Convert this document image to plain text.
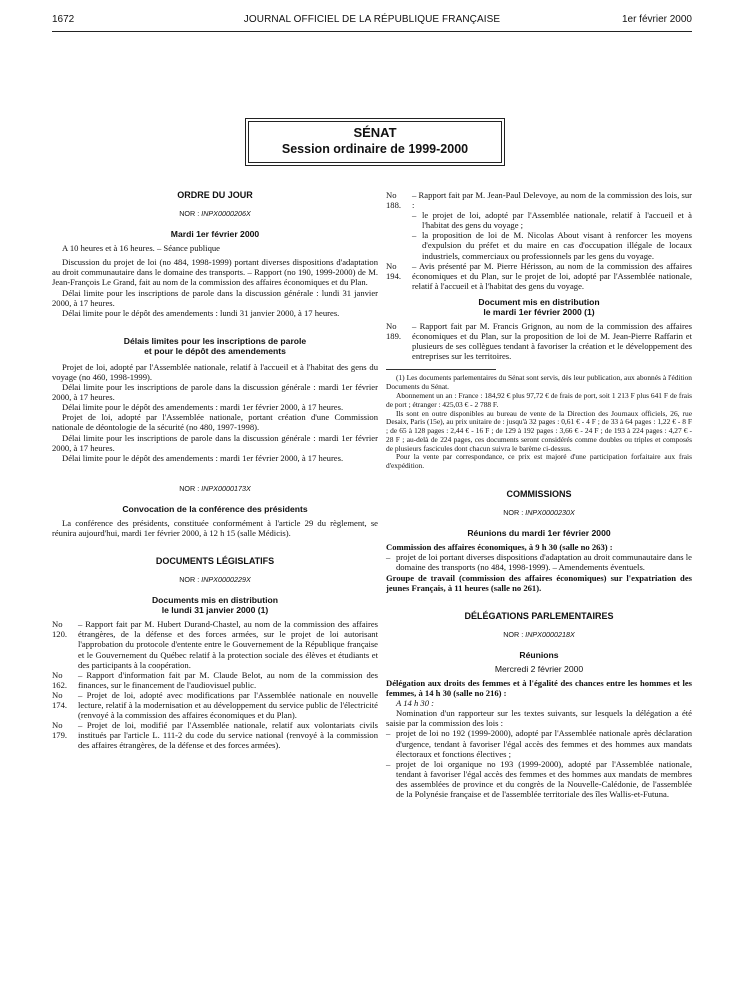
1672	JOURNAL OFFICIEL DE LA RÉPUBLIQUE FRANÇAISE	1er février 2000
SÉNAT
Session ordinaire de 1999-2000
ORDRE DU JOUR
NOR : INPX0000206X
Mardi 1er février 2000

A 10 heures et à 16 heures. – Séance publique

Discussion du projet de loi (no 484, 1998-1999) portant diverses dispositions d'adaptation au droit communautaire dans le domaine des transports. – Rapport (no 190, 1999-2000) de M. Jean-François Le Grand, fait au nom de la commission des affaires économiques et du Plan.

Délai limite pour les inscriptions de parole dans la discussion générale : lundi 31 janvier 2000, à 17 heures.

Délai limite pour le dépôt des amendements : lundi 31 janvier 2000, à 17 heures.

Délais limites pour les inscriptions de parole
et pour le dépôt des amendements

Projet de loi, adopté par l'Assemblée nationale, relatif à l'accueil et à l'habitat des gens du voyage (no 460, 1998-1999).

Délai limite pour les inscriptions de parole dans la discussion générale : mardi 1er février 2000, à 17 heures.

Délai limite pour le dépôt des amendements : mardi 1er février 2000, à 17 heures.

Projet de loi, adopté par l'Assemblée nationale, portant création d'une Commission nationale de déontologie de la sécurité (no 480, 1997-1998).

Délai limite pour les inscriptions de parole dans la discussion générale : mardi 1er février 2000, à 17 heures.

Délai limite pour le dépôt des amendements : mardi 1er février 2000, à 17 heures.

NOR : INPX0000173X
Convocation de la conférence des présidents

La conférence des présidents, constituée conformément à l'article 29 du règlement, se réunira aujourd'hui, mardi 1er février 2000, à 12 h 15 (salle Médicis).

DOCUMENTS LÉGISLATIFS
NOR : INPX0000229X
Documents mis en distribution
le lundi 31 janvier 2000 (1)
No 120.
– Rapport fait par M. Hubert Durand-Chastel, au nom de la commission des affaires étrangères, de la défense et des forces armées, sur le projet de loi autorisant l'approbation du protocole d'entente entre le Gouvernement de la République française et le Gouvernement du Québec relatif à la protection sociale des élèves et étudiants et des participants à la coopération.
No 162.
– Rapport d'information fait par M. Claude Belot, au nom de la commission des finances, sur le financement de l'audiovisuel public.
No 174.
– Projet de loi, adopté avec modifications par l'Assemblée nationale en nouvelle lecture, relatif à la modernisation et au développement du service public de l'électricité (renvoyé à la commission des affaires économiques et du Plan).
No 179.
– Projet de loi, modifié par l'Assemblée nationale, relatif aux volontariats civils institués par l'article L. 111-2 du code du service national (renvoyé à la commission des affaires étrangères, de la défense et des forces armées).
No 188.
– Rapport fait par M. Jean-Paul Delevoye, au nom de la commission des lois, sur :
– le projet de loi, adopté par l'Assemblée nationale, relatif à l'accueil et à l'habitat des gens du voyage ;
– la proposition de loi de M. Nicolas About visant à renforcer les moyens d'expulsion du préfet et du maire en cas d'occupation illégale de locaux industriels, commerciaux ou professionnels par les gens du voyage.
No 194.
– Avis présenté par M. Pierre Hérisson, au nom de la commission des affaires économiques et du Plan, sur le projet de loi, adopté par l'Assemblée nationale, relatif à l'accueil et à l'habitat des gens du voyage.
Document mis en distribution
le mardi 1er février 2000 (1)
No 189.
– Rapport fait par M. Francis Grignon, au nom de la commission des affaires économiques et du Plan, sur la proposition de loi de M. Jean-Pierre Raffarin et plusieurs de ses collègues tendant à favoriser la création et le développement des entreprises sur les territoires.

(1) Les documents parlementaires du Sénat sont servis, dès leur publication, aux abonnés à l'édition Documents du Sénat.

Abonnement un an : France : 184,92 € plus 97,72 € de frais de port, soit 1 213 F plus 641 F de frais de port ; étranger : 425,03 € - 2 788 F.

Ils sont en outre disponibles au bureau de vente de la Direction des Journaux officiels, 26, rue Desaix, Paris (15e), au prix unitaire de : jusqu'à 32 pages : 0,61 € - 4 F ; de 33 à 64 pages : 1,22 € - 8 F ; de 65 à 128 pages : 2,44 € - 16 F ; de 129 à 192 pages : 3,66 € - 24 F ; de 193 à 224 pages : 4,27 € - 28 F ; au-delà de 224 pages, ces documents seront considérés comme doubles ou triples et composés de plusieurs fascicules dont chacun suivra le barème ci-dessus.

Pour la vente par correspondance, ce prix est majoré d'une participation forfaitaire aux frais d'expédition.

COMMISSIONS
NOR : INPX0000230X
Réunions du mardi 1er février 2000

Commission des affaires économiques, à 9 h 30 (salle no 263) :

– projet de loi portant diverses dispositions d'adaptation au droit communautaire dans le domaine des transports (no 484, 1998-1999). – Amendements éventuels.

Groupe de travail (commission des affaires économiques) sur l'expatriation des jeunes Français, à 11 heures (salle no 261).

DÉLÉGATIONS PARLEMENTAIRES
NOR : INPX0000218X
Réunions
Mercredi 2 février 2000

Délégation aux droits des femmes et à l'égalité des chances entre les hommes et les femmes, à 14 h 30 (salle no 216) :

A 14 h 30 :

Nomination d'un rapporteur sur les textes suivants, sur lesquels la délégation a été saisie par la commission des lois :

– projet de loi no 192 (1999-2000), adopté par l'Assemblée nationale après déclaration d'urgence, tendant à favoriser l'égal accès des femmes et des hommes aux mandats électoraux et fonctions électives ;
– projet de loi organique no 193 (1999-2000), adopté par l'Assemblée nationale, tendant à favoriser l'égal accès des femmes et des hommes aux mandats de membres des assemblées de province et du congrès de la Nouvelle-Calédonie, de l'assemblée de la Polynésie française et de l'assemblée territoriale des îles Wallis-et-Futuna.
